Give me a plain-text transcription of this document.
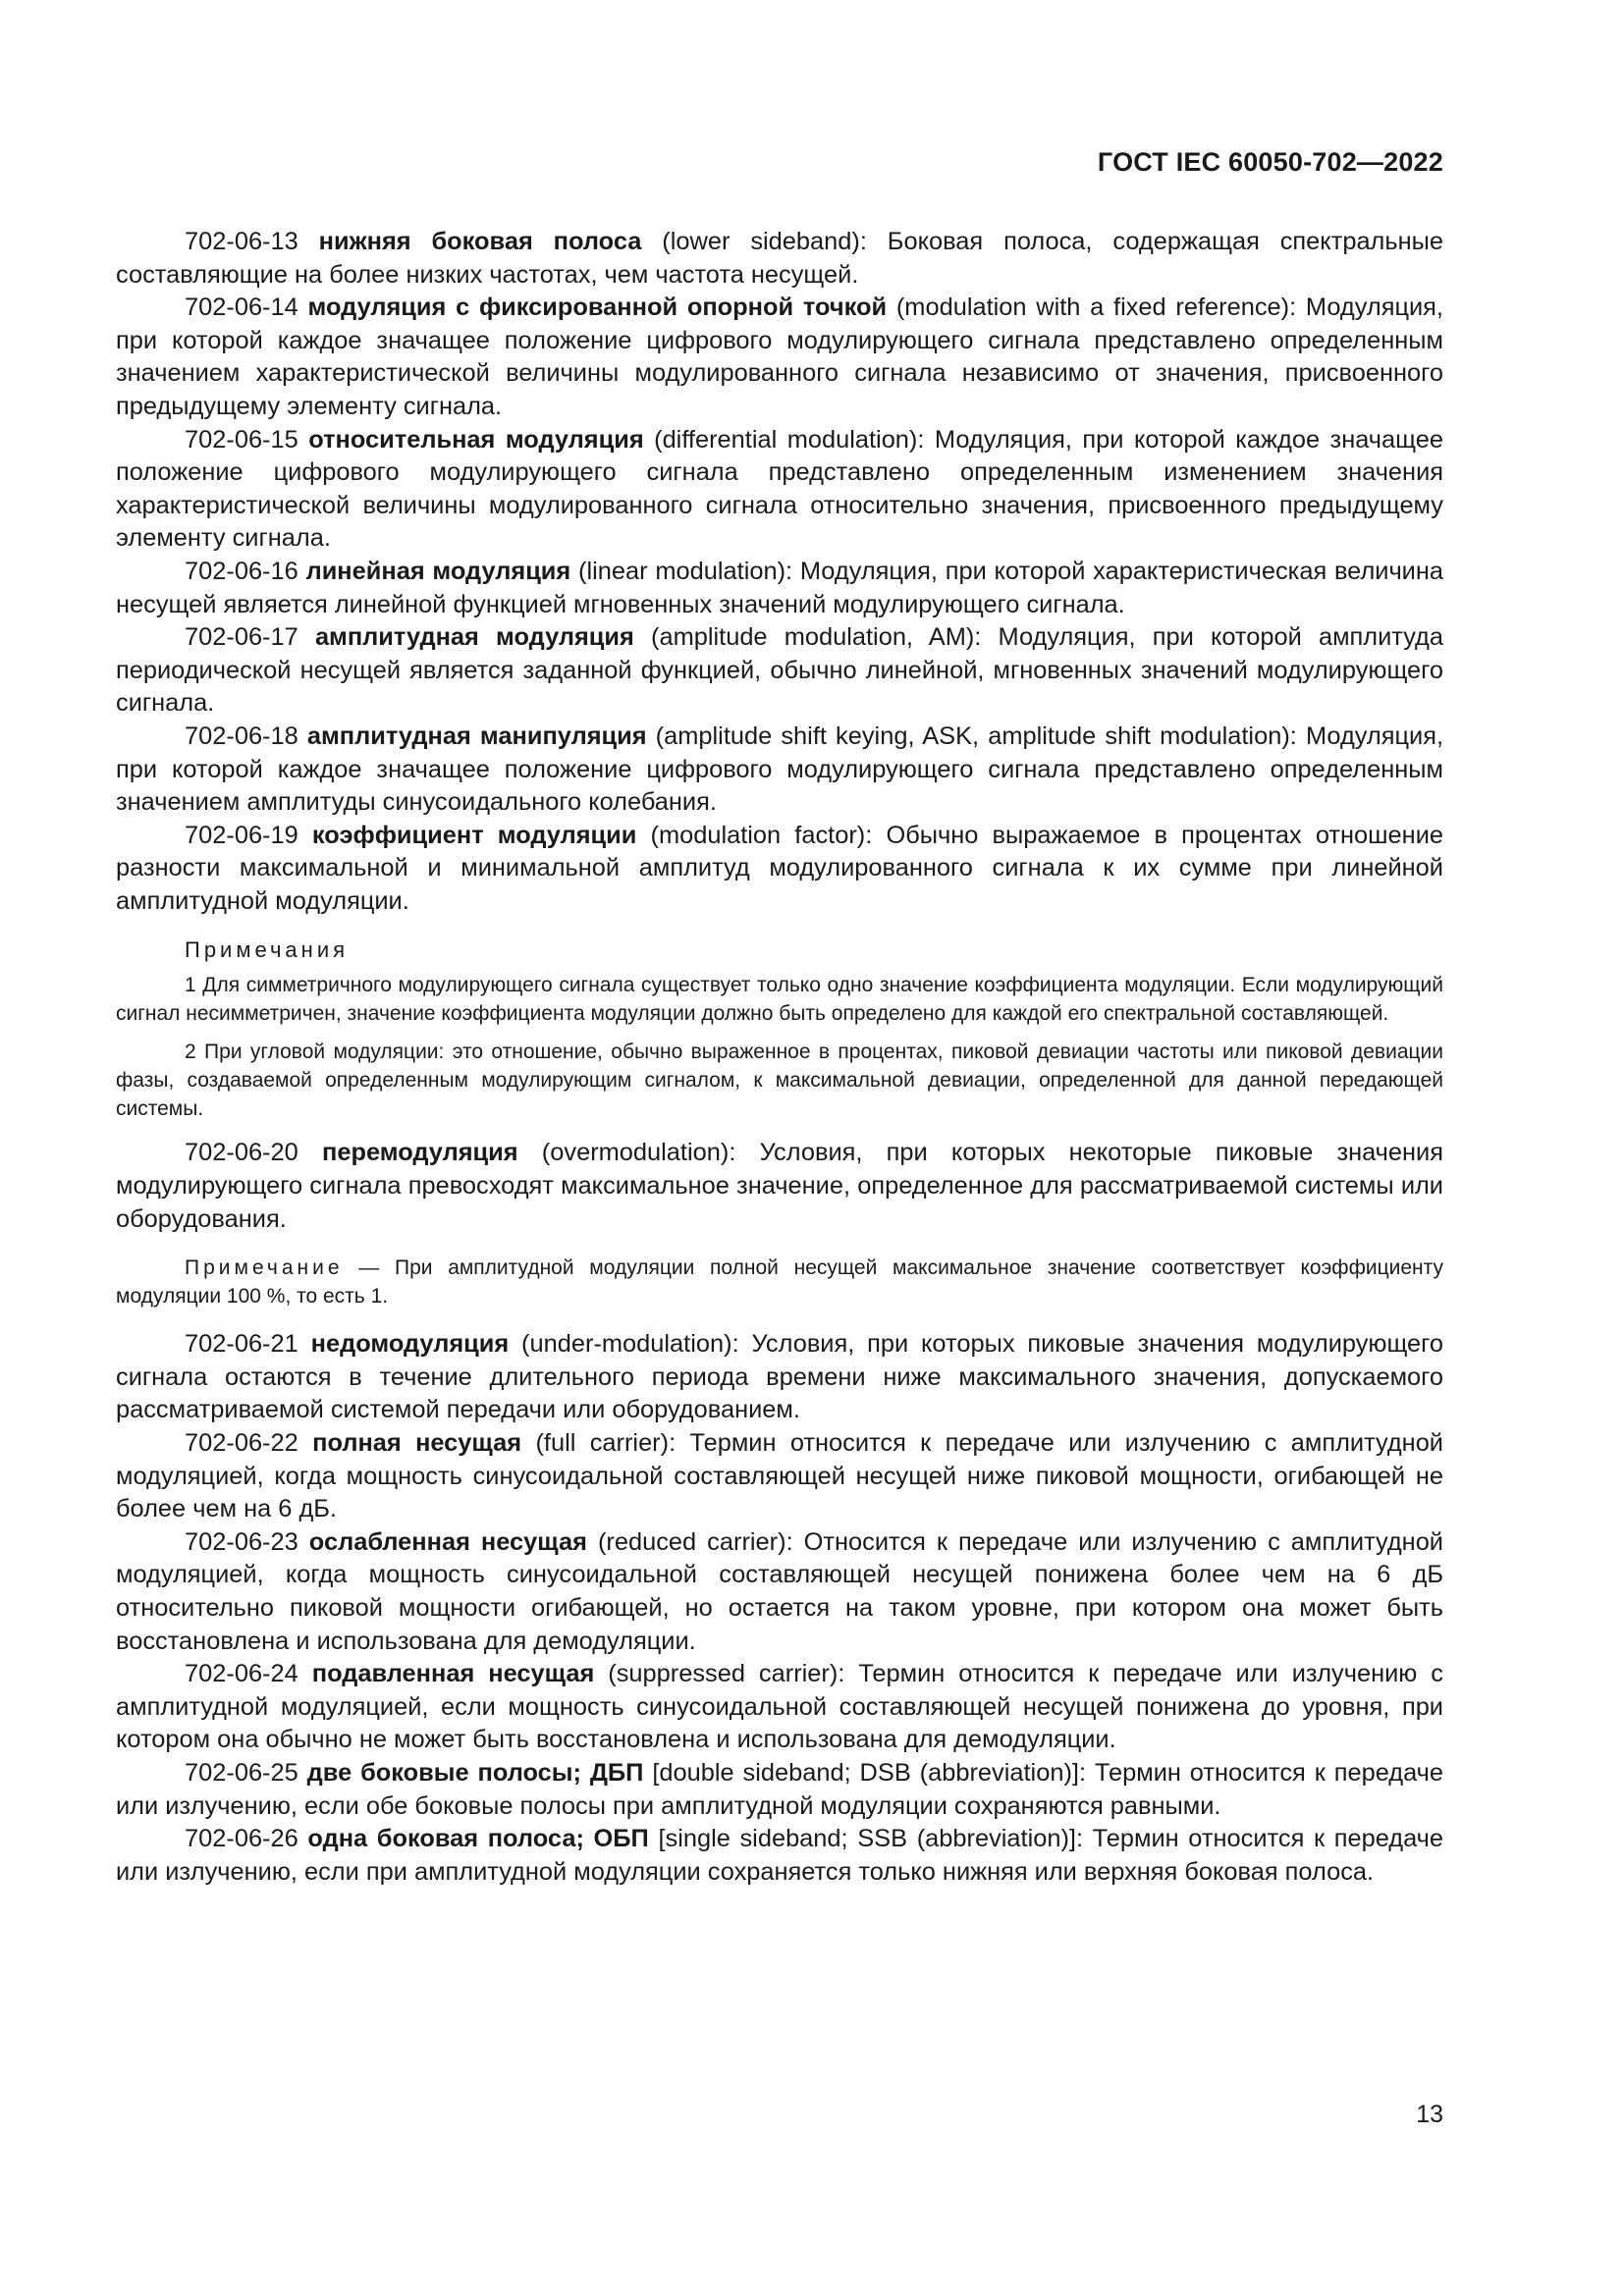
ГОСТ IEC 60050-702—2022

702-06-13 нижняя боковая полоса (lower sideband): Боковая полоса, содержащая спектральные составляющие на более низких частотах, чем частота несущей.

702-06-14 модуляция с фиксированной опорной точкой (modulation with a fixed reference): Модуляция, при которой каждое значащее положение цифрового модулирующего сигнала представлено определенным значением характеристической величины модулированного сигнала независимо от значения, присвоенного предыдущему элементу сигнала.

702-06-15 относительная модуляция (differential modulation): Модуляция, при которой каждое значащее положение цифрового модулирующего сигнала представлено определенным изменением значения характеристической величины модулированного сигнала относительно значения, присвоенного предыдущему элементу сигнала.

702-06-16 линейная модуляция (linear modulation): Модуляция, при которой характеристическая величина несущей является линейной функцией мгновенных значений модулирующего сигнала.

702-06-17 амплитудная модуляция (amplitude modulation, AM): Модуляция, при которой амплитуда периодической несущей является заданной функцией, обычно линейной, мгновенных значений модулирующего сигнала.

702-06-18 амплитудная манипуляция (amplitude shift keying, ASK, amplitude shift modulation): Модуляция, при которой каждое значащее положение цифрового модулирующего сигнала представлено определенным значением амплитуды синусоидального колебания.

702-06-19 коэффициент модуляции (modulation factor): Обычно выражаемое в процентах отношение разности максимальной и минимальной амплитуд модулированного сигнала к их сумме при линейной амплитудной модуляции.

Примечания

1 Для симметричного модулирующего сигнала существует только одно значение коэффициента модуляции. Если модулирующий сигнал несимметричен, значение коэффициента модуляции должно быть определено для каждой его спектральной составляющей.

2 При угловой модуляции: это отношение, обычно выраженное в процентах, пиковой девиации частоты или пиковой девиации фазы, создаваемой определенным модулирующим сигналом, к максимальной девиации, определенной для данной передающей системы.

702-06-20 перемодуляция (overmodulation): Условия, при которых некоторые пиковые значения модулирующего сигнала превосходят максимальное значение, определенное для рассматриваемой системы или оборудования.

Примечание — При амплитудной модуляции полной несущей максимальное значение соответствует коэффициенту модуляции 100 %, то есть 1.

702-06-21 недомодуляция (under-modulation): Условия, при которых пиковые значения модулирующего сигнала остаются в течение длительного периода времени ниже максимального значения, допускаемого рассматриваемой системой передачи или оборудованием.

702-06-22 полная несущая (full carrier): Термин относится к передаче или излучению с амплитудной модуляцией, когда мощность синусоидальной составляющей несущей ниже пиковой мощности, огибающей не более чем на 6 дБ.

702-06-23 ослабленная несущая (reduced carrier): Относится к передаче или излучению с амплитудной модуляцией, когда мощность синусоидальной составляющей несущей понижена более чем на 6 дБ относительно пиковой мощности огибающей, но остается на таком уровне, при котором она может быть восстановлена и использована для демодуляции.

702-06-24 подавленная несущая (suppressed carrier): Термин относится к передаче или излучению с амплитудной модуляцией, если мощность синусоидальной составляющей несущей понижена до уровня, при котором она обычно не может быть восстановлена и использована для демодуляции.

702-06-25 две боковые полосы; ДБП [double sideband; DSB (abbreviation)]: Термин относится к передаче или излучению, если обе боковые полосы при амплитудной модуляции сохраняются равными.

702-06-26 одна боковая полоса; ОБП [single sideband; SSB (abbreviation)]: Термин относится к передаче или излучению, если при амплитудной модуляции сохраняется только нижняя или верхняя боковая полоса.

13
